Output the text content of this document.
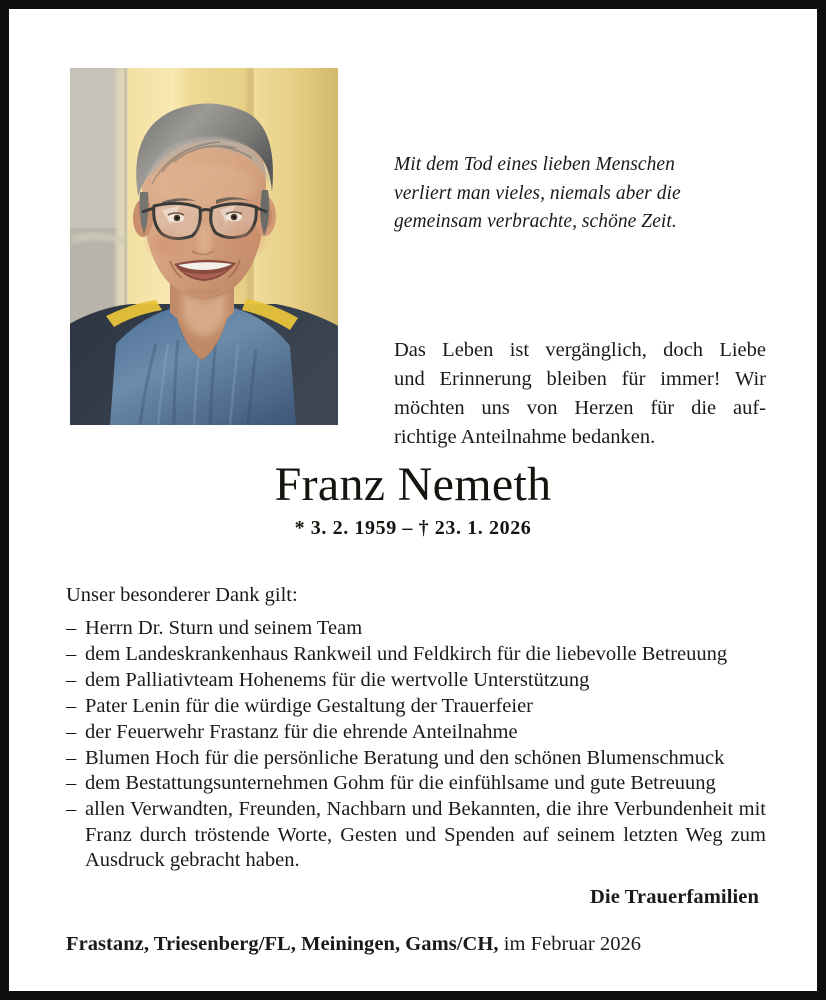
Mit dem Tod eines lieben Menschen
verliert man vieles, niemals aber die
gemeinsam verbrachte, schöne Zeit.
Das Leben ist vergänglich, doch Liebe
und Erinnerung bleiben für immer! Wir
möchten uns von Herzen für die auf-
richtige Anteilnahme bedanken.
Franz Nemeth
* 3. 2. 1959 – † 23. 1. 2026
Unser besonderer Dank gilt:
– Herrn Dr. Sturn und seinem Team
– dem Landeskrankenhaus Rankweil und Feldkirch für die liebevolle Betreuung
– dem Palliativteam Hohenems für die wertvolle Unterstützung
– Pater Lenin für die würdige Gestaltung der Trauerfeier
– der Feuerwehr Frastanz für die ehrende Anteilnahme
– Blumen Hoch für die persönliche Beratung und den schönen Blumenschmuck
– dem Bestattungsunternehmen Gohm für die einfühlsame und gute Betreuung
– allen Verwandten, Freunden, Nachbarn und Bekannten, die ihre Verbundenheit mit Franz durch tröstende Worte, Gesten und Spenden auf seinem letzten Weg zum Ausdruck gebracht haben.
Die Trauerfamilien
Frastanz, Triesenberg/FL, Meiningen, Gams/CH, im Februar 2026
